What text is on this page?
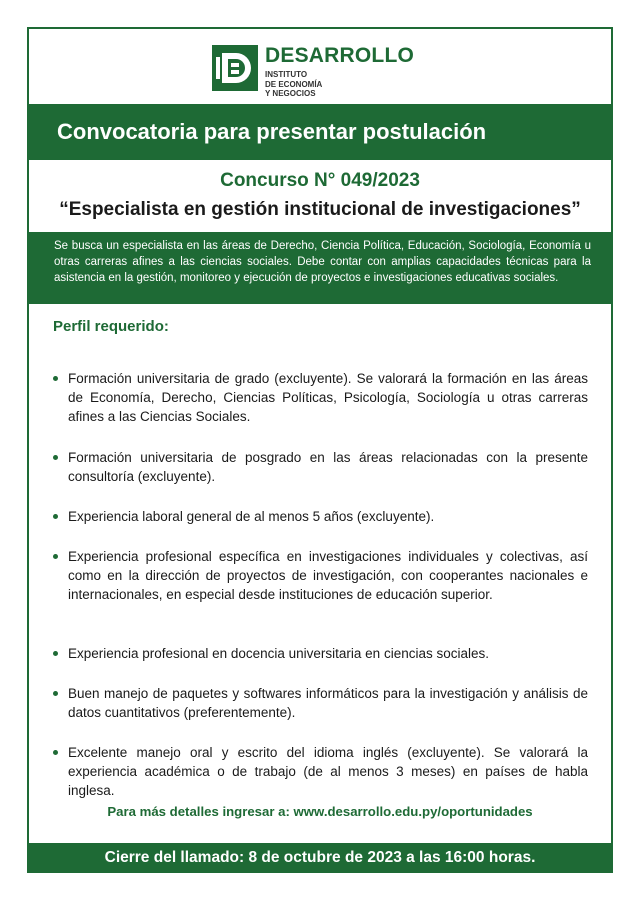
DESARROLLO
INSTITUTO
DE ECONOMÍA
Y NEGOCIOS
Convocatoria para presentar postulación
Concurso N° 049/2023
“Especialista en gestión institucional de investigaciones”
Se busca un especialista en las áreas de Derecho, Ciencia Política, Educación, Sociología, Economía u otras carreras afines a las ciencias sociales. Debe contar con amplias capacidades técnicas para la asistencia en la gestión, monitoreo y ejecución de proyectos e investigaciones educativas sociales.
Perfil requerido:
Formación universitaria de grado (excluyente). Se valorará la formación en las áreas de Economía, Derecho, Ciencias Políticas, Psicología, Sociología u otras carreras afines a las Ciencias Sociales.
Formación universitaria de posgrado en las áreas relacionadas con la presente consultoría (excluyente).
Experiencia laboral general de al menos 5 años (excluyente).
Experiencia profesional específica en investigaciones individuales y colectivas, así como en la dirección de proyectos de investigación, con cooperantes nacionales e internacionales, en especial desde instituciones de educación superior.
Experiencia profesional en docencia universitaria en ciencias sociales.
Buen manejo de paquetes y softwares informáticos para la investigación y análisis de datos cuantitativos (preferentemente).
Excelente manejo oral y escrito del idioma inglés (excluyente). Se valorará la experiencia académica o de trabajo (de al menos 3 meses) en países de habla inglesa.
Para más detalles ingresar a: www.desarrollo.edu.py/oportunidades
Cierre del llamado: 8 de octubre de 2023 a las 16:00 horas.
